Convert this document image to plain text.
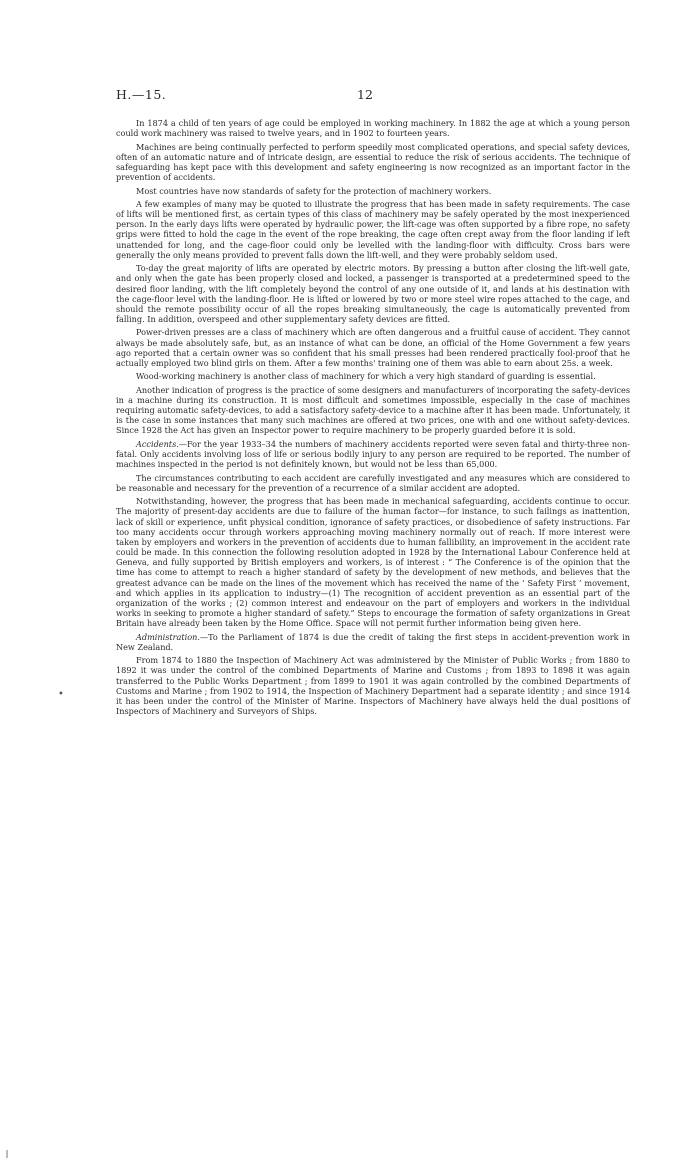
H.—15.	12
•

In 1874 a child of ten years of age could be employed in working machinery. In 1882 the age at which a young person could work machinery was raised to twelve years, and in 1902 to fourteen years.

Machines are being continually perfected to perform speedily most complicated operations, and special safety devices, often of an automatic nature and of intricate design, are essential to reduce the risk of serious accidents. The technique of safeguarding has kept pace with this development and safety engineering is now recognized as an important factor in the prevention of accidents.

Most countries have now standards of safety for the protection of machinery workers.

A few examples of many may be quoted to illustrate the progress that has been made in safety requirements. The case of lifts will be mentioned first, as certain types of this class of machinery may be safely operated by the most inexperienced person. In the early days lifts were operated by hydraulic power, the lift-cage was often supported by a fibre rope, no safety grips were fitted to hold the cage in the event of the rope breaking, the cage often crept away from the floor landing if left unattended for long, and the cage-floor could only be levelled with the landing-floor with difficulty. Cross bars were generally the only means provided to prevent falls down the lift-well, and they were probably seldom used.

To-day the great majority of lifts are operated by electric motors. By pressing a button after closing the lift-well gate, and only when the gate has been properly closed and locked, a passenger is transported at a predetermined speed to the desired floor landing, with the lift completely beyond the control of any one outside of it, and lands at his destination with the cage-floor level with the landing-floor. He is lifted or lowered by two or more steel wire ropes attached to the cage, and should the remote possibility occur of all the ropes breaking simultaneously, the cage is automatically prevented from falling. In addition, overspeed and other supplementary safety devices are fitted.

Power-driven presses are a class of machinery which are often dangerous and a fruitful cause of accident. They cannot always be made absolutely safe, but, as an instance of what can be done, an official of the Home Government a few years ago reported that a certain owner was so confident that his small presses had been rendered practically fool-proof that he actually employed two blind girls on them. After a few months' training one of them was able to earn about 25s. a week.

Wood-working machinery is another class of machinery for which a very high standard of guarding is essential.

Another indication of progress is the practice of some designers and manufacturers of incorporating the safety-devices in a machine during its construction. It is most difficult and sometimes impossible, especially in the case of machines requiring automatic safety-devices, to add a satisfactory safety-device to a machine after it has been made. Unfortunately, it is the case in some instances that many such machines are offered at two prices, one with and one without safety-devices. Since 1928 the Act has given an Inspector power to require machinery to be properly guarded before it is sold.

Accidents.—For the year 1933–34 the numbers of machinery accidents reported were seven fatal and thirty-three non-fatal. Only accidents involving loss of life or serious bodily injury to any person are required to be reported. The number of machines inspected in the period is not definitely known, but would not be less than 65,000.

The circumstances contributing to each accident are carefully investigated and any measures which are considered to be reasonable and necessary for the prevention of a recurrence of a similar accident are adopted.

Notwithstanding, however, the progress that has been made in mechanical safeguarding, accidents continue to occur. The majority of present-day accidents are due to failure of the human factor—for instance, to such failings as inattention, lack of skill or experience, unfit physical condition, ignorance of safety practices, or disobedience of safety instructions. Far too many accidents occur through workers approaching moving machinery normally out of reach. If more interest were taken by employers and workers in the prevention of accidents due to human fallibility, an improvement in the accident rate could be made. In this connection the following resolution adopted in 1928 by the International Labour Conference held at Geneva, and fully supported by British employers and workers, is of interest : “ The Conference is of the opinion that the time has come to attempt to reach a higher standard of safety by the development of new methods, and believes that the greatest advance can be made on the lines of the movement which has received the name of the ‘ Safety First ’ movement, and which applies in its application to industry—(1) The recognition of accident prevention as an essential part of the organization of the works ; (2) common interest and endeavour on the part of employers and workers in the individual works in seeking to promote a higher standard of safety.” Steps to encourage the formation of safety organizations in Great Britain have already been taken by the Home Office. Space will not permit further information being given here.

Administration.—To the Parliament of 1874 is due the credit of taking the first steps in accident-prevention work in New Zealand.

From 1874 to 1880 the Inspection of Machinery Act was administered by the Minister of Public Works ; from 1880 to 1892 it was under the control of the combined Departments of Marine and Customs ; from 1893 to 1898 it was again transferred to the Public Works Department ; from 1899 to 1901 it was again controlled by the combined Departments of Customs and Marine ; from 1902 to 1914, the Inspection of Machinery Department had a separate identity ; and since 1914 it has been under the control of the Minister of Marine. Inspectors of Machinery have always held the dual positions of Inspectors of Machinery and Surveyors of Ships.
